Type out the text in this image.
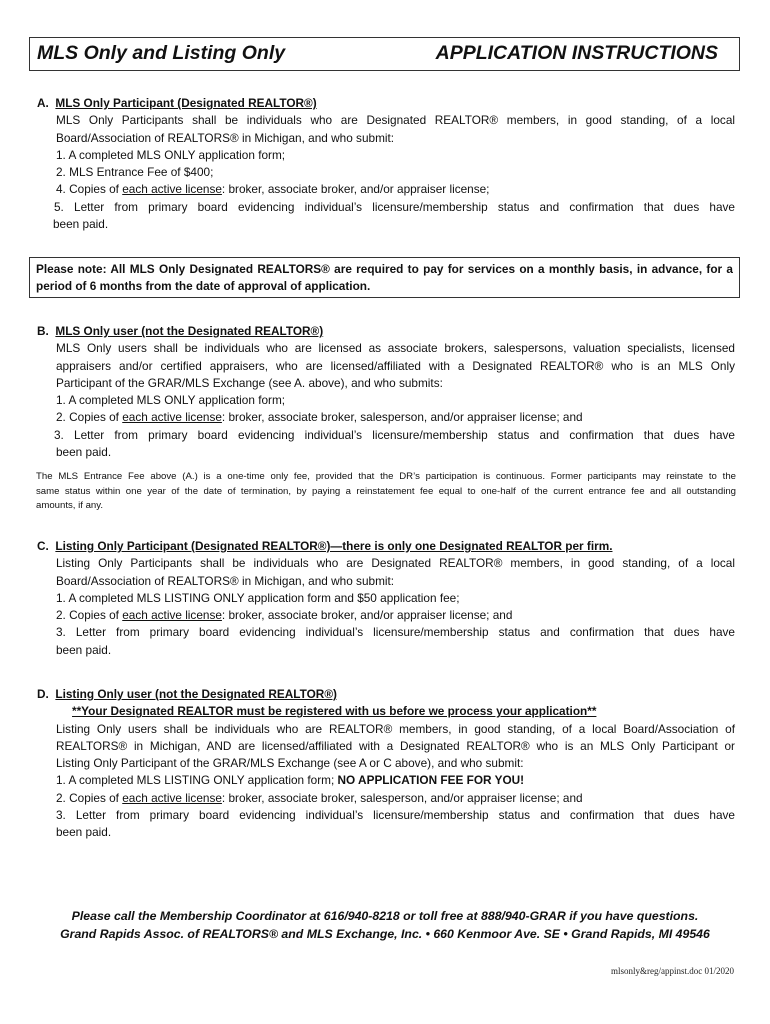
MLS Only and Listing Only	APPLICATION INSTRUCTIONS
A. MLS Only Participant (Designated REALTOR®)
MLS Only Participants shall be individuals who are Designated REALTOR® members, in good standing, of a local
Board/Association of REALTORS® in Michigan, and who submit:
1. A completed MLS ONLY application form;
2. MLS Entrance Fee of $400;
4. Copies of each active license: broker, associate broker, and/or appraiser license;
5. Letter from primary board evidencing individual’s licensure/membership status and confirmation that dues have
been paid.
Please note: All MLS Only Designated REALTORS® are required to pay for services on a monthly basis, in advance, for a
period of 6 months from the date of approval of application.
B. MLS Only user (not the Designated REALTOR®)
MLS Only users shall be individuals who are licensed as associate brokers, salespersons, valuation specialists, licensed
appraisers and/or certified appraisers, who are licensed/affiliated with a Designated REALTOR® who is an MLS Only
Participant of the GRAR/MLS Exchange (see A. above), and who submits:
1. A completed MLS ONLY application form;
2. Copies of each active license: broker, associate broker, salesperson, and/or appraiser license; and
3. Letter from primary board evidencing individual’s licensure/membership status and confirmation that dues have
been paid.
The MLS Entrance Fee above (A.) is a one-time only fee, provided that the DR’s participation is continuous. Former participants may reinstate to the
same status within one year of the date of termination, by paying a reinstatement fee equal to one-half of the current entrance fee and all outstanding
amounts, if any.
C. Listing Only Participant (Designated REALTOR®)—there is only one Designated REALTOR per firm.
Listing Only Participants shall be individuals who are Designated REALTOR® members, in good standing, of a local
Board/Association of REALTORS® in Michigan, and who submit:
1. A completed MLS LISTING ONLY application form and $50 application fee;
2. Copies of each active license: broker, associate broker, and/or appraiser license; and
3. Letter from primary board evidencing individual’s licensure/membership status and confirmation that dues have
been paid.
D. Listing Only user (not the Designated REALTOR®)
**Your Designated REALTOR must be registered with us before we process your application**
Listing Only users shall be individuals who are REALTOR® members, in good standing, of a local Board/Association of
REALTORS® in Michigan, AND are licensed/affiliated with a Designated REALTOR® who is an MLS Only Participant or
Listing Only Participant of the GRAR/MLS Exchange (see A or C above), and who submit:
1. A completed MLS LISTING ONLY application form; NO APPLICATION FEE FOR YOU!
2. Copies of each active license: broker, associate broker, salesperson, and/or appraiser license; and
3. Letter from primary board evidencing individual’s licensure/membership status and confirmation that dues have
been paid.
Please call the Membership Coordinator at 616/940-8218 or toll free at 888/940-GRAR if you have questions.
Grand Rapids Assoc. of REALTORS® and MLS Exchange, Inc. • 660 Kenmoor Ave. SE • Grand Rapids, MI 49546
mlsonly&reg/appinst.doc 01/2020
